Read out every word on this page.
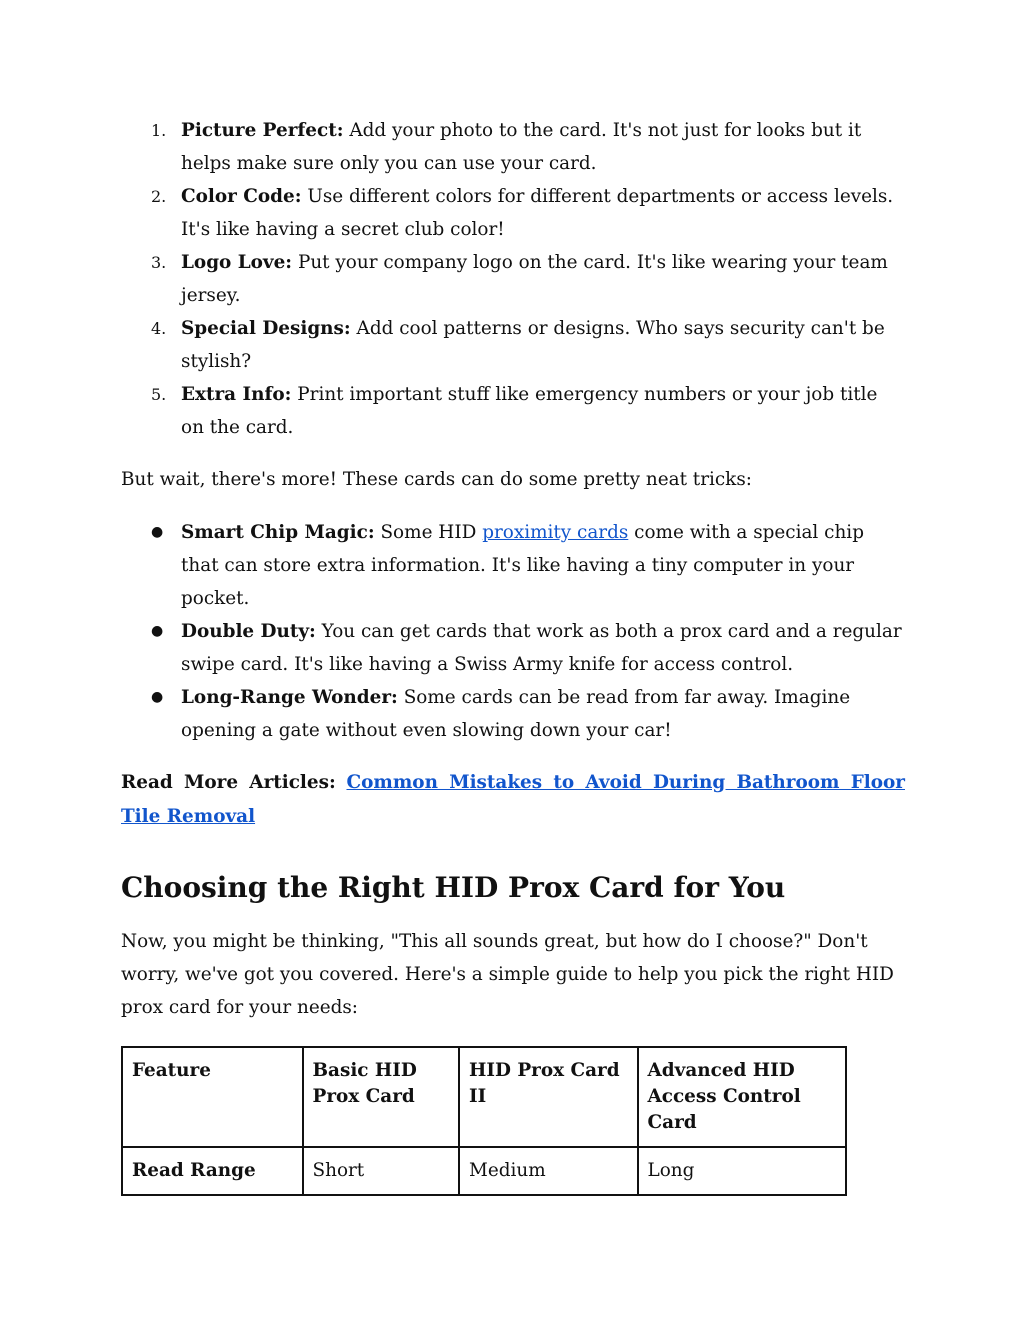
1. Picture Perfect: Add your photo to the card. It's not just for looks but it helps make sure only you can use your card.
2. Color Code: Use different colors for different departments or access levels. It's like having a secret club color!
3. Logo Love: Put your company logo on the card. It's like wearing your team jersey.
4. Special Designs: Add cool patterns or designs. Who says security can't be stylish?
5. Extra Info: Print important stuff like emergency numbers or your job title on the card.

But wait, there's more! These cards can do some pretty neat tricks:

● Smart Chip Magic: Some HID proximity cards come with a special chip that can store extra information. It's like having a tiny computer in your pocket.
● Double Duty: You can get cards that work as both a prox card and a regular swipe card. It's like having a Swiss Army knife for access control.
● Long-Range Wonder: Some cards can be read from far away. Imagine opening a gate without even slowing down your car!

Read More Articles: Common Mistakes to Avoid During Bathroom Floor Tile Removal

Choosing the Right HID Prox Card for You

Now, you might be thinking, "This all sounds great, but how do I choose?" Don't worry, we've got you covered. Here's a simple guide to help you pick the right HID prox card for your needs:

Feature	Basic HID Prox Card	HID Prox Card II	Advanced HID Access Control Card
Read Range	Short	Medium	Long
